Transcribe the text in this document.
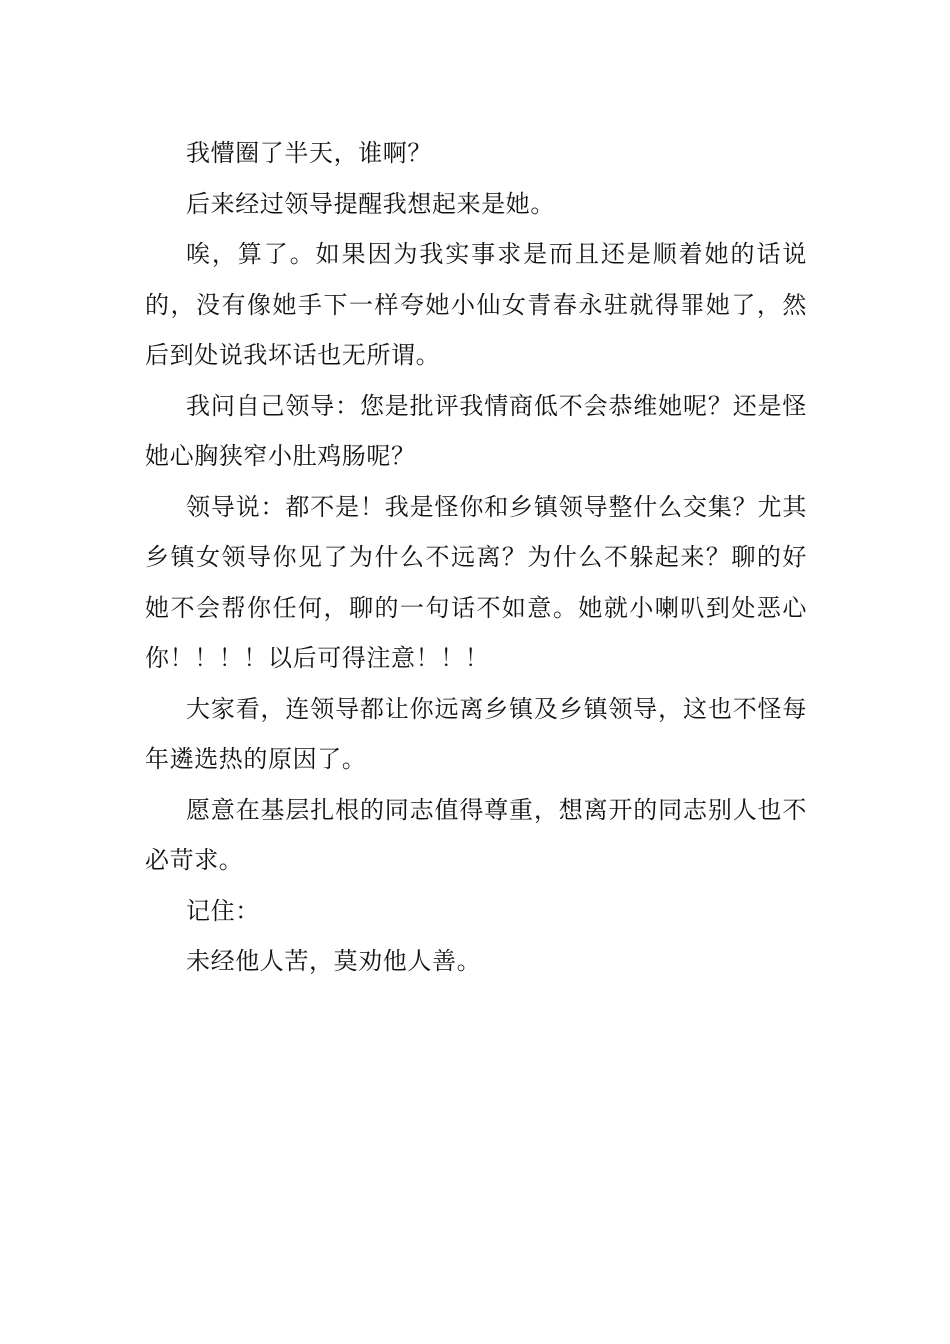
我懵圈了半天，谁啊？

后来经过领导提醒我想起来是她。

唉，算了。如果因为我实事求是而且还是顺着她的话说的，没有像她手下一样夸她小仙女青春永驻就得罪她了，然后到处说我坏话也无所谓。

我问自己领导：您是批评我情商低不会恭维她呢？还是怪她心胸狭窄小肚鸡肠呢？

领导说：都不是！我是怪你和乡镇领导整什么交集？尤其乡镇女领导你见了为什么不远离？为什么不躲起来？聊的好她不会帮你任何，聊的一句话不如意。她就小喇叭到处恶心你！！！！以后可得注意！！！

大家看，连领导都让你远离乡镇及乡镇领导，这也不怪每年遴选热的原因了。

愿意在基层扎根的同志值得尊重，想离开的同志别人也不必苛求。

记住：

未经他人苦，莫劝他人善。
